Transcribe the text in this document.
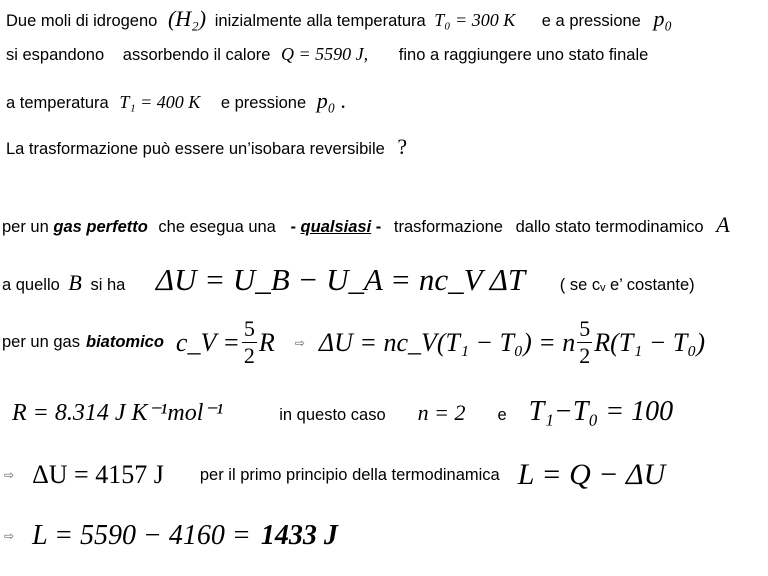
Due moli di idrogeno (H₂) inizialmente alla temperatura T₀ = 300 K e a pressione p₀
si espandono assorbendo il calore Q = 5590 J, fino a raggiungere uno stato finale
a temperatura T₁ = 400 K e pressione p₀ .
La trasformazione può essere un’isobara reversibile ?
per un gas perfetto che esegua una - qualsiasi - trasformazione dallo stato termodinamico A
a quello B si ha ΔU = U_B − U_A = nc_V ΔT ( se cᵥ e’ costante)
per un gas biatomico c_V = $\frac{5}{2}$ R ⇨ ΔU = nc_V(T₁ − T₀) = n $\frac{5}{2} R(T_1 - T_0)$
R = 8.314 J K⁻¹mol⁻¹	in questo caso n = 2 e T₁−T₀ = 100
⇨ ΔU = 4157 J per il primo principio della termodinamica L = Q − ΔU
⇨ L = 5590 − 4160 = 1433 J
